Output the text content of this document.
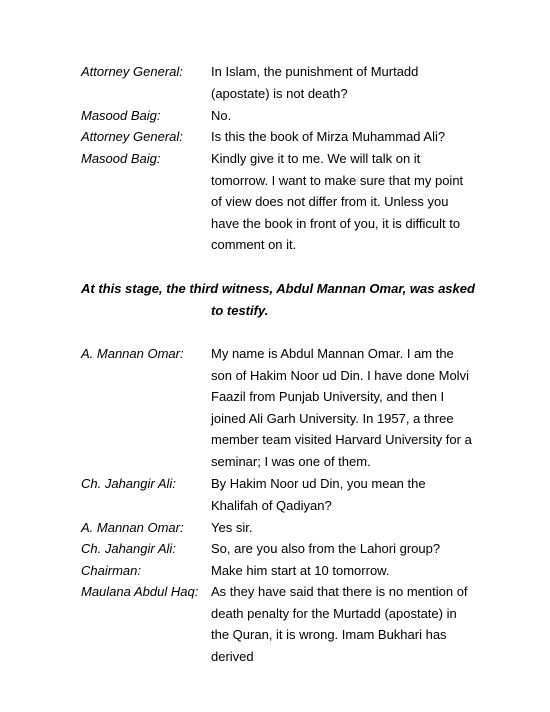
Attorney General: In Islam, the punishment of Murtadd (apostate) is not death?
Masood Baig:	No.
Attorney General: Is this the book of Mirza Muhammad Ali?
Masood Baig:	Kindly give it to me. We will talk on it tomorrow. I want to make sure that my point of view does not differ from it. Unless you have the book in front of you, it is difficult to comment on it.
At this stage, the third witness, Abdul Mannan Omar, was asked
to testify.
A. Mannan Omar: My name is Abdul Mannan Omar. I am the son of Hakim Noor ud Din. I have done Molvi Faazil from Punjab University, and then I joined Ali Garh University. In 1957, a three member team visited Harvard University for a seminar; I was one of them.
Ch. Jahangir Ali:	By Hakim Noor ud Din, you mean the Khalifah of Qadiyan?
A. Mannan Omar: Yes sir.
Ch. Jahangir Ali:	So, are you also from the Lahori group?
Chairman:	Make him start at 10 tomorrow.
Maulana Abdul Haq: As they have said that there is no mention of death penalty for the Murtadd (apostate) in the Quran, it is wrong. Imam Bukhari has derived
